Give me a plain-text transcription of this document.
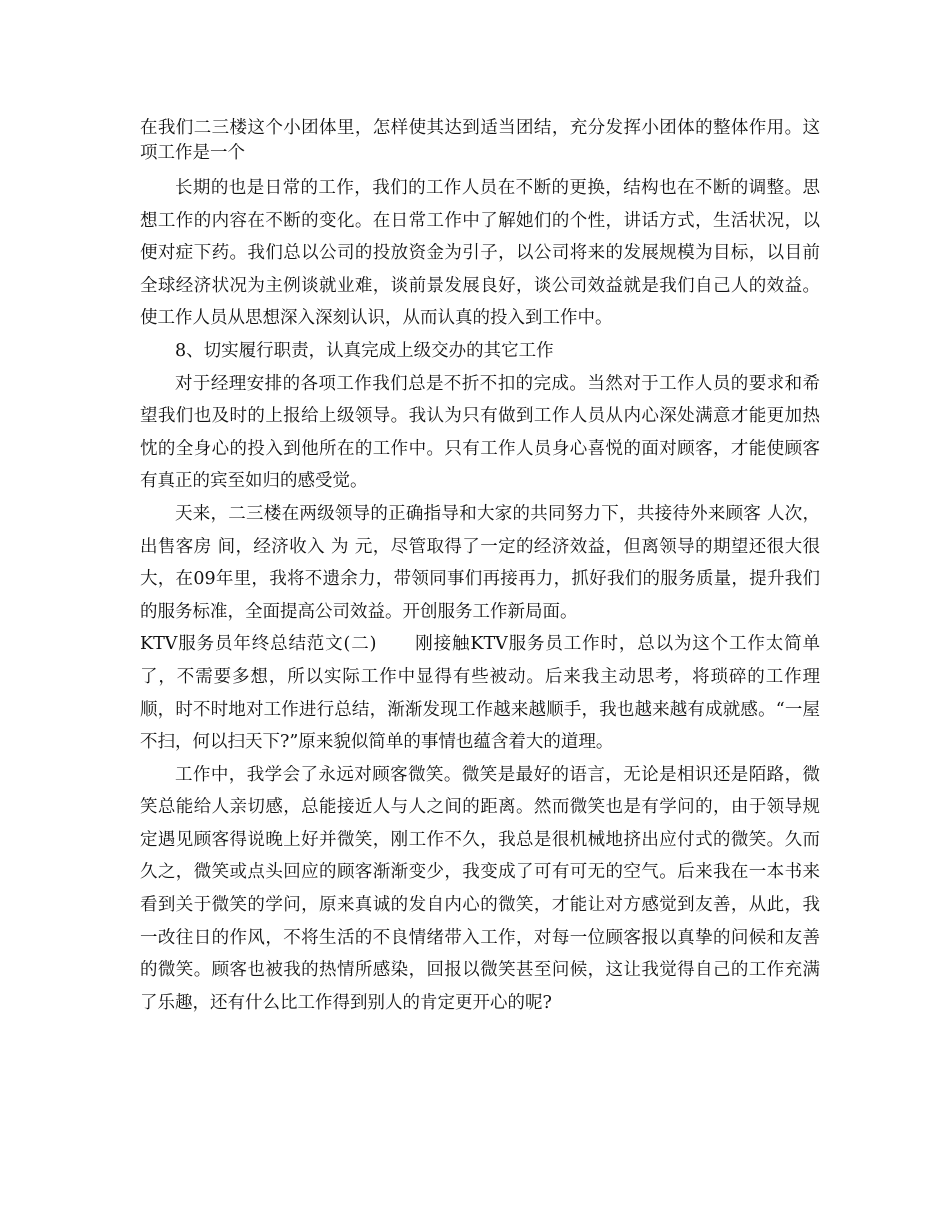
在我们二三楼这个小团体里，怎样使其达到适当团结，充分发挥小团体的整体作用。这项工作是一个

长期的也是日常的工作，我们的工作人员在不断的更换，结构也在不断的调整。思想工作的内容在不断的变化。在日常工作中了解她们的个性，讲话方式，生活状况，以便对症下药。我们总以公司的投放资金为引子，以公司将来的发展规模为目标，以目前全球经济状况为主例谈就业难，谈前景发展良好，谈公司效益就是我们自己人的效益。使工作人员从思想深入深刻认识，从而认真的投入到工作中。

8、切实履行职责，认真完成上级交办的其它工作

对于经理安排的各项工作我们总是不折不扣的完成。当然对于工作人员的要求和希望我们也及时的上报给上级领导。我认为只有做到工作人员从内心深处满意才能更加热忱的全身心的投入到他所在的工作中。只有工作人员身心喜悦的面对顾客，才能使顾客有真正的宾至如归的感受觉。

天来，二三楼在两级领导的正确指导和大家的共同努力下，共接待外来顾客 人次，出售客房 间，经济收入 为 元，尽管取得了一定的经济效益，但离领导的期望还很大很大，在09年里，我将不遗余力，带领同事们再接再力，抓好我们的服务质量，提升我们的服务标准，全面提高公司效益。开创服务工作新局面。

KTV服务员年终总结范文(二) 刚接触KTV服务员工作时，总以为这个工作太简单了，不需要多想，所以实际工作中显得有些被动。后来我主动思考，将琐碎的工作理顺，时不时地对工作进行总结，渐渐发现工作越来越顺手，我也越来越有成就感。“一屋不扫，何以扫天下?”原来貌似简单的事情也蕴含着大的道理。

工作中，我学会了永远对顾客微笑。微笑是最好的语言，无论是相识还是陌路，微笑总能给人亲切感，总能接近人与人之间的距离。然而微笑也是有学问的，由于领导规定遇见顾客得说晚上好并微笑，刚工作不久，我总是很机械地挤出应付式的微笑。久而久之，微笑或点头回应的顾客渐渐变少，我变成了可有可无的空气。后来我在一本书来看到关于微笑的学问，原来真诚的发自内心的微笑，才能让对方感觉到友善，从此，我一改往日的作风，不将生活的不良情绪带入工作，对每一位顾客报以真挚的问候和友善的微笑。顾客也被我的热情所感染，回报以微笑甚至问候，这让我觉得自己的工作充满了乐趣，还有什么比工作得到别人的肯定更开心的呢?
